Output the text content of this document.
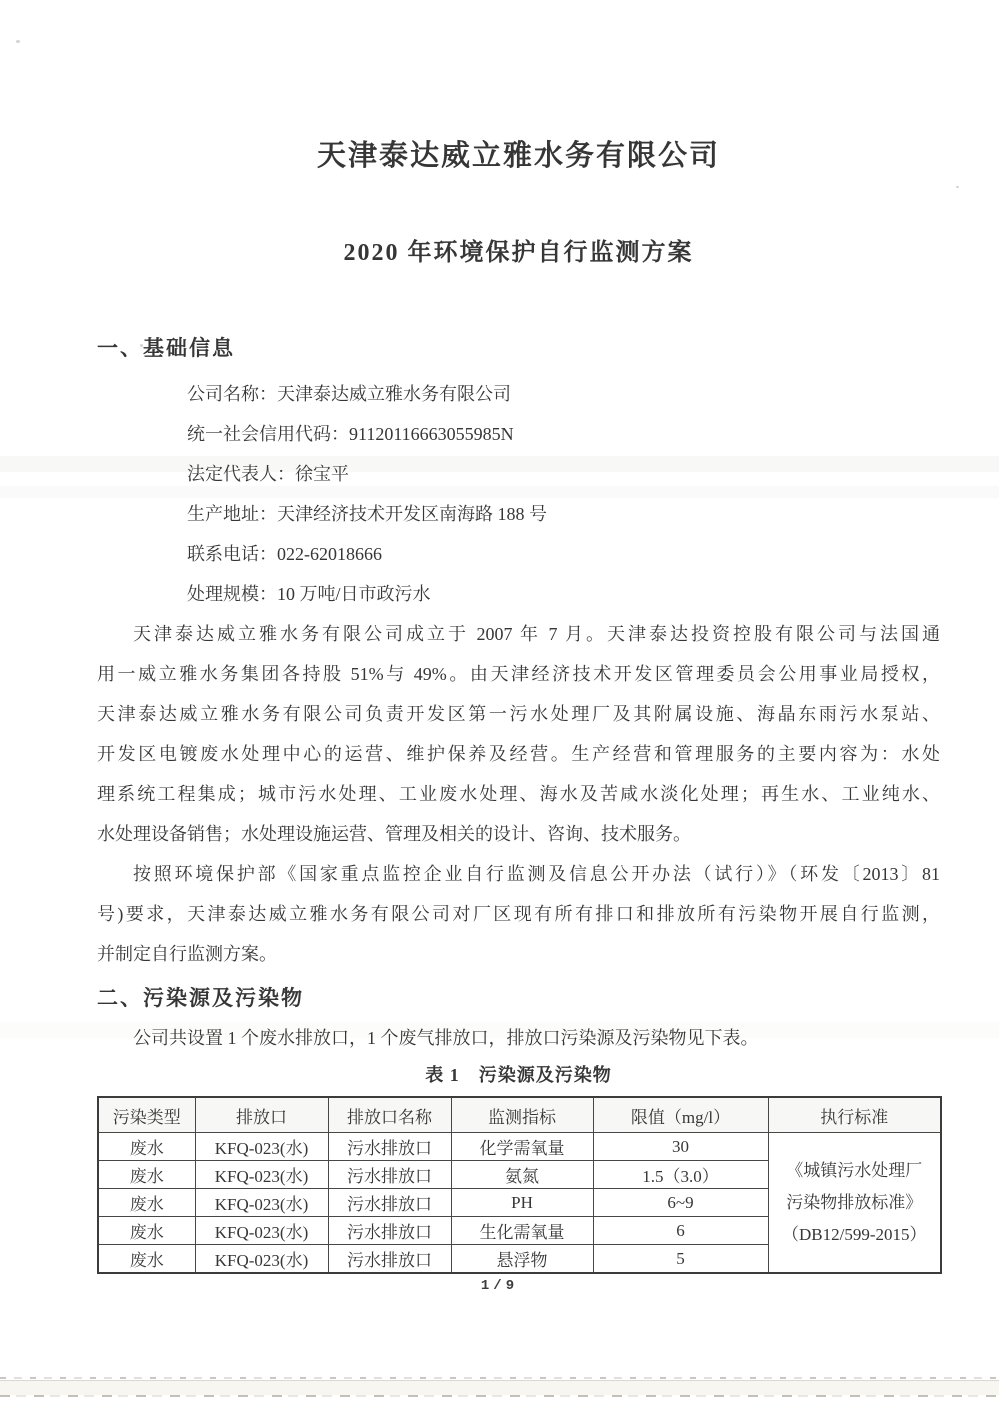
天津泰达威立雅水务有限公司
2020 年环境保护自行监测方案
一、基础信息
公司名称：天津泰达威立雅水务有限公司
统一社会信用代码：91120116663055985N
法定代表人：徐宝平
生产地址：天津经济技术开发区南海路 188 号
联系电话：022-62018666
处理规模：10 万吨/日市政污水
天津泰达威立雅水务有限公司成立于 2007 年 7 月。天津泰达投资控股有限公司与法国通
用一威立雅水务集团各持股 51%与 49%。由天津经济技术开发区管理委员会公用事业局授权，
天津泰达威立雅水务有限公司负责开发区第一污水处理厂及其附属设施、海晶东雨污水泵站、
开发区电镀废水处理中心的运营、维护保养及经营。生产经营和管理服务的主要内容为：水处
理系统工程集成；城市污水处理、工业废水处理、海水及苦咸水淡化处理；再生水、工业纯水、
水处理设备销售；水处理设施运营、管理及相关的设计、咨询、技术服务。
按照环境保护部《国家重点监控企业自行监测及信息公开办法（试行）》（环发〔2013〕81
号)要求，天津泰达威立雅水务有限公司对厂区现有所有排口和排放所有污染物开展自行监测，
并制定自行监测方案。
二、污染源及污染物
公司共设置 1 个废水排放口，1 个废气排放口，排放口污染源及污染物见下表。
表 1　污染源及污染物
污染类型	排放口	排放口名称	监测指标	限值（mg/l）	执行标准
废水	KFQ-023(水)	污水排放口	化学需氧量	30	《城镇污水处理厂
污染物排放标准》
（DB12/599-2015）

废水	KFQ-023(水)	污水排放口	氨氮	1.5（3.0）	
废水	KFQ-023(水)	污水排放口	PH	6~9	
废水	KFQ-023(水)	污水排放口	生化需氧量	6	
废水	KFQ-023(水)	污水排放口	悬浮物	5	
1/9
